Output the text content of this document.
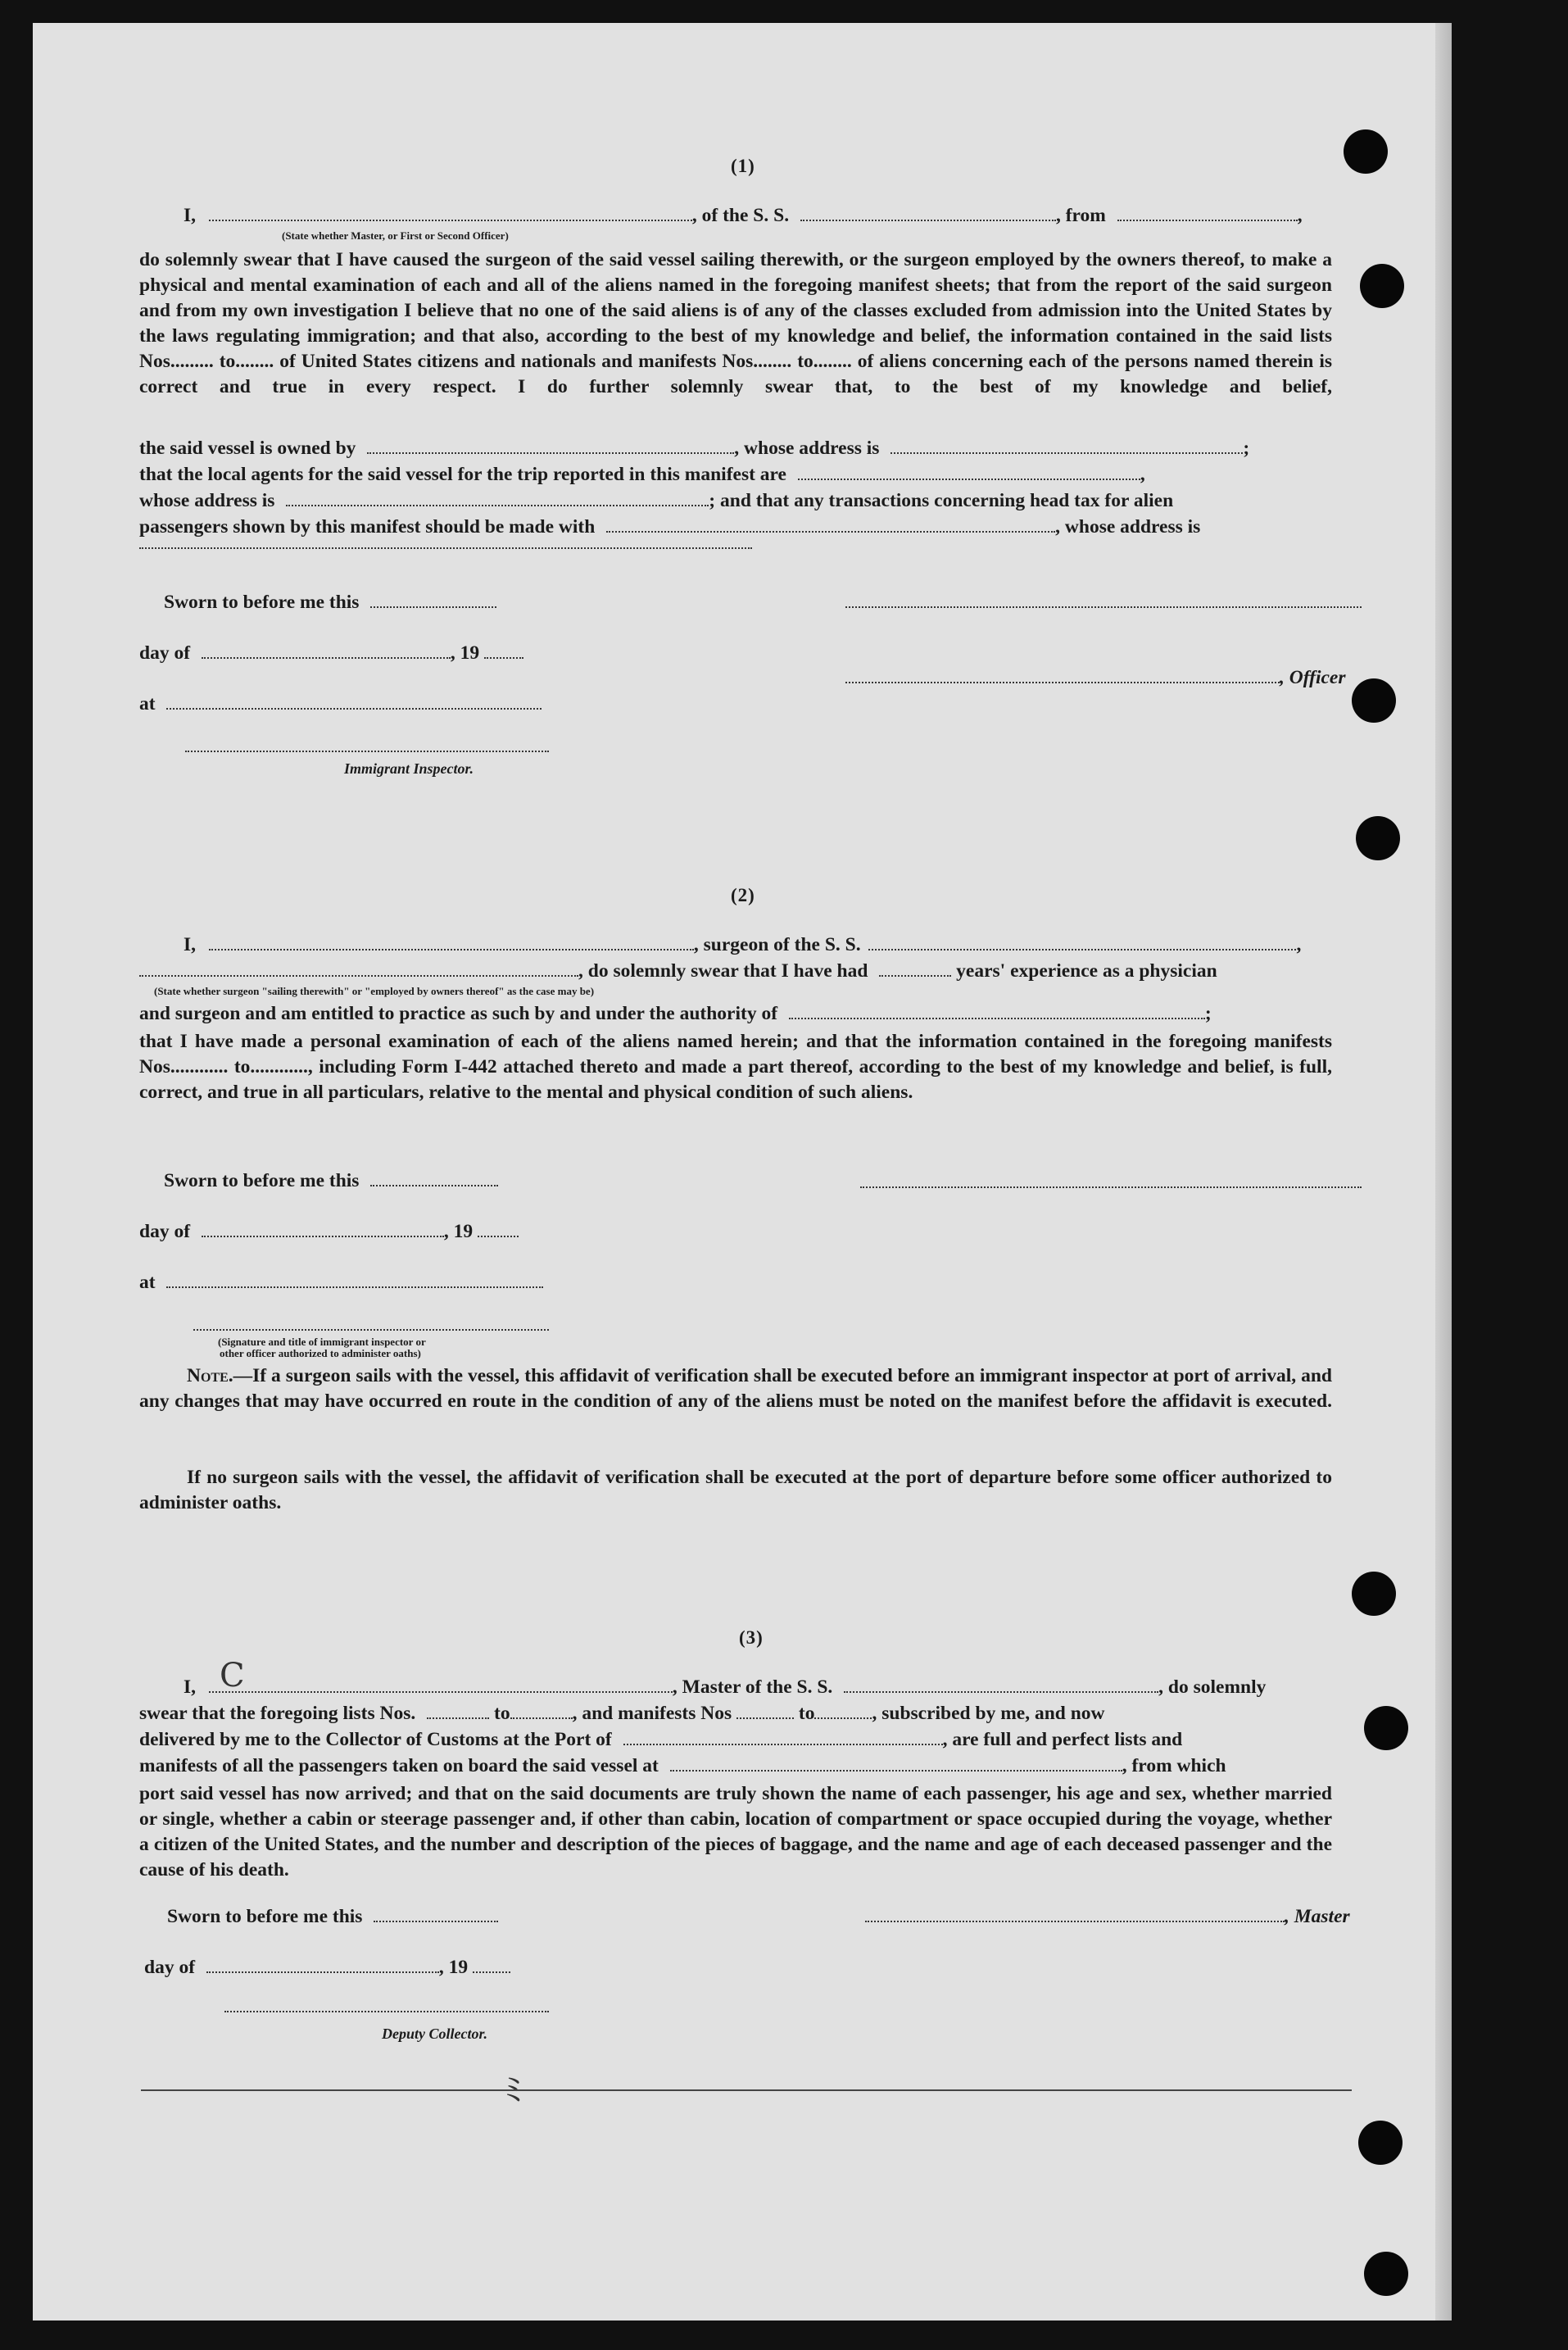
(1)
I,	, of the S. S.	, from	,
(State whether Master, or First or Second Officer)
do solemnly swear that I have caused the surgeon of the said vessel sailing therewith, or the surgeon employed by the owners thereof, to make a physical and mental examination of each and all of the aliens named in the foregoing manifest sheets; that from the report of the said surgeon and from my own investigation I believe that no one of the said aliens is of any of the classes excluded from admission into the United States by the laws regulating immigration; and that also, according to the best of my knowledge and belief, the information contained in the said lists Nos......... to........ of United States citizens and nationals and manifests Nos........ to........ of aliens concerning each of the persons named therein is correct and true in every respect. I do further solemnly swear that, to the best of my knowledge and belief,
the said vessel is owned by	, whose address is	;
that the local agents for the said vessel for the trip reported in this manifest are	,
whose address is	; and that any transactions concerning head tax for alien
passengers shown by this manifest should be made with	, whose address is
Sworn to before me this
day of	, 19
, Officer
at
Immigrant Inspector.
(2)
I,	, surgeon of the S. S.	,
, do solemnly swear that I have had	years' experience as a physician
(State whether surgeon "sailing therewith" or "employed by owners thereof" as the case may be)
and surgeon and am entitled to practice as such by and under the authority of	;
that I have made a personal examination of each of the aliens named herein; and that the information contained in the foregoing manifests Nos............ to............, including Form I-442 attached thereto and made a part thereof, according to the best of my knowledge and belief, is full, correct, and true in all particulars, relative to the mental and physical condition of such aliens.
Sworn to before me this
day of	, 19
at
(Signature and title of immigrant inspector or
other officer authorized to administer oaths)
Note.—If a surgeon sails with the vessel, this affidavit of verification shall be executed before an immigrant inspector at port of arrival, and any changes that may have occurred en route in the condition of any of the aliens must be noted on the manifest before the affidavit is executed.
If no surgeon sails with the vessel, the affidavit of verification shall be executed at the port of departure before some officer authorized to administer oaths.
(3)
I,	, Master of the S. S.	, do solemnly
C
swear that the foregoing lists Nos.	to	, and manifests Nos	to	, subscribed by me, and now
delivered by me to the Collector of Customs at the Port of	, are full and perfect lists and
manifests of all the passengers taken on board the said vessel at	, from which
port said vessel has now arrived; and that on the said documents are truly shown the name of each passenger, his age and sex, whether married or single, whether a cabin or steerage passenger and, if other than cabin, location of compartment or space occupied during the voyage, whether a citizen of the United States, and the number and description of the pieces of baggage, and the name and age of each deceased passenger and the cause of his death.
Sworn to before me this	, Master
day of	, 19
Deputy Collector.
ﾐ
